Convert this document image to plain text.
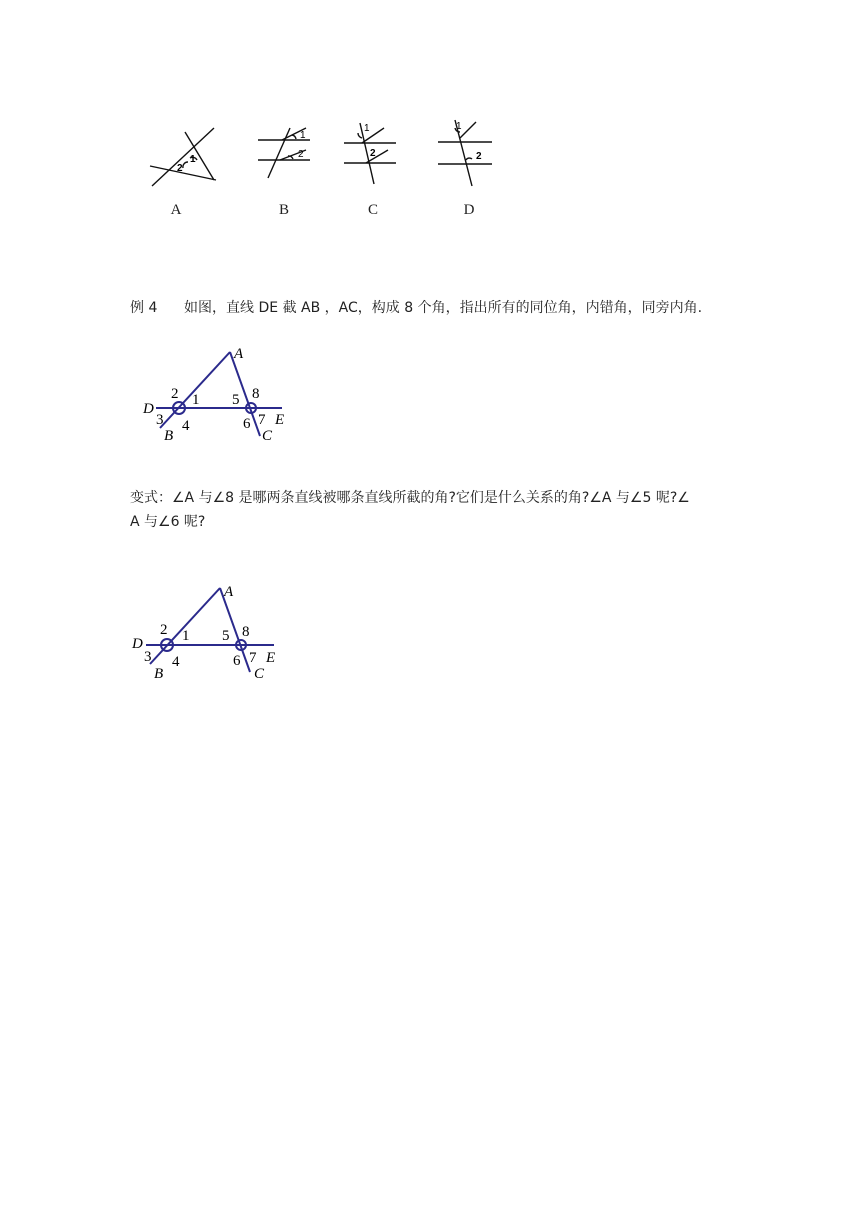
2
1
1
2
1
2
1
2
A	B	C	D
例 4      如图，直线 DE 截 AB ，AC，构成 8 个角，指出所有的同位角，内错角，同旁内角.
A
D
E
B	C
2 1
3 4
5 8
6 7
变式：∠A 与∠8 是哪两条直线被哪条直线所截的角?它们是什么关系的角?∠A 与∠5 呢?∠
A 与∠6 呢?
A
D
E
B	C
2 1
3 4
5 8
6 7
